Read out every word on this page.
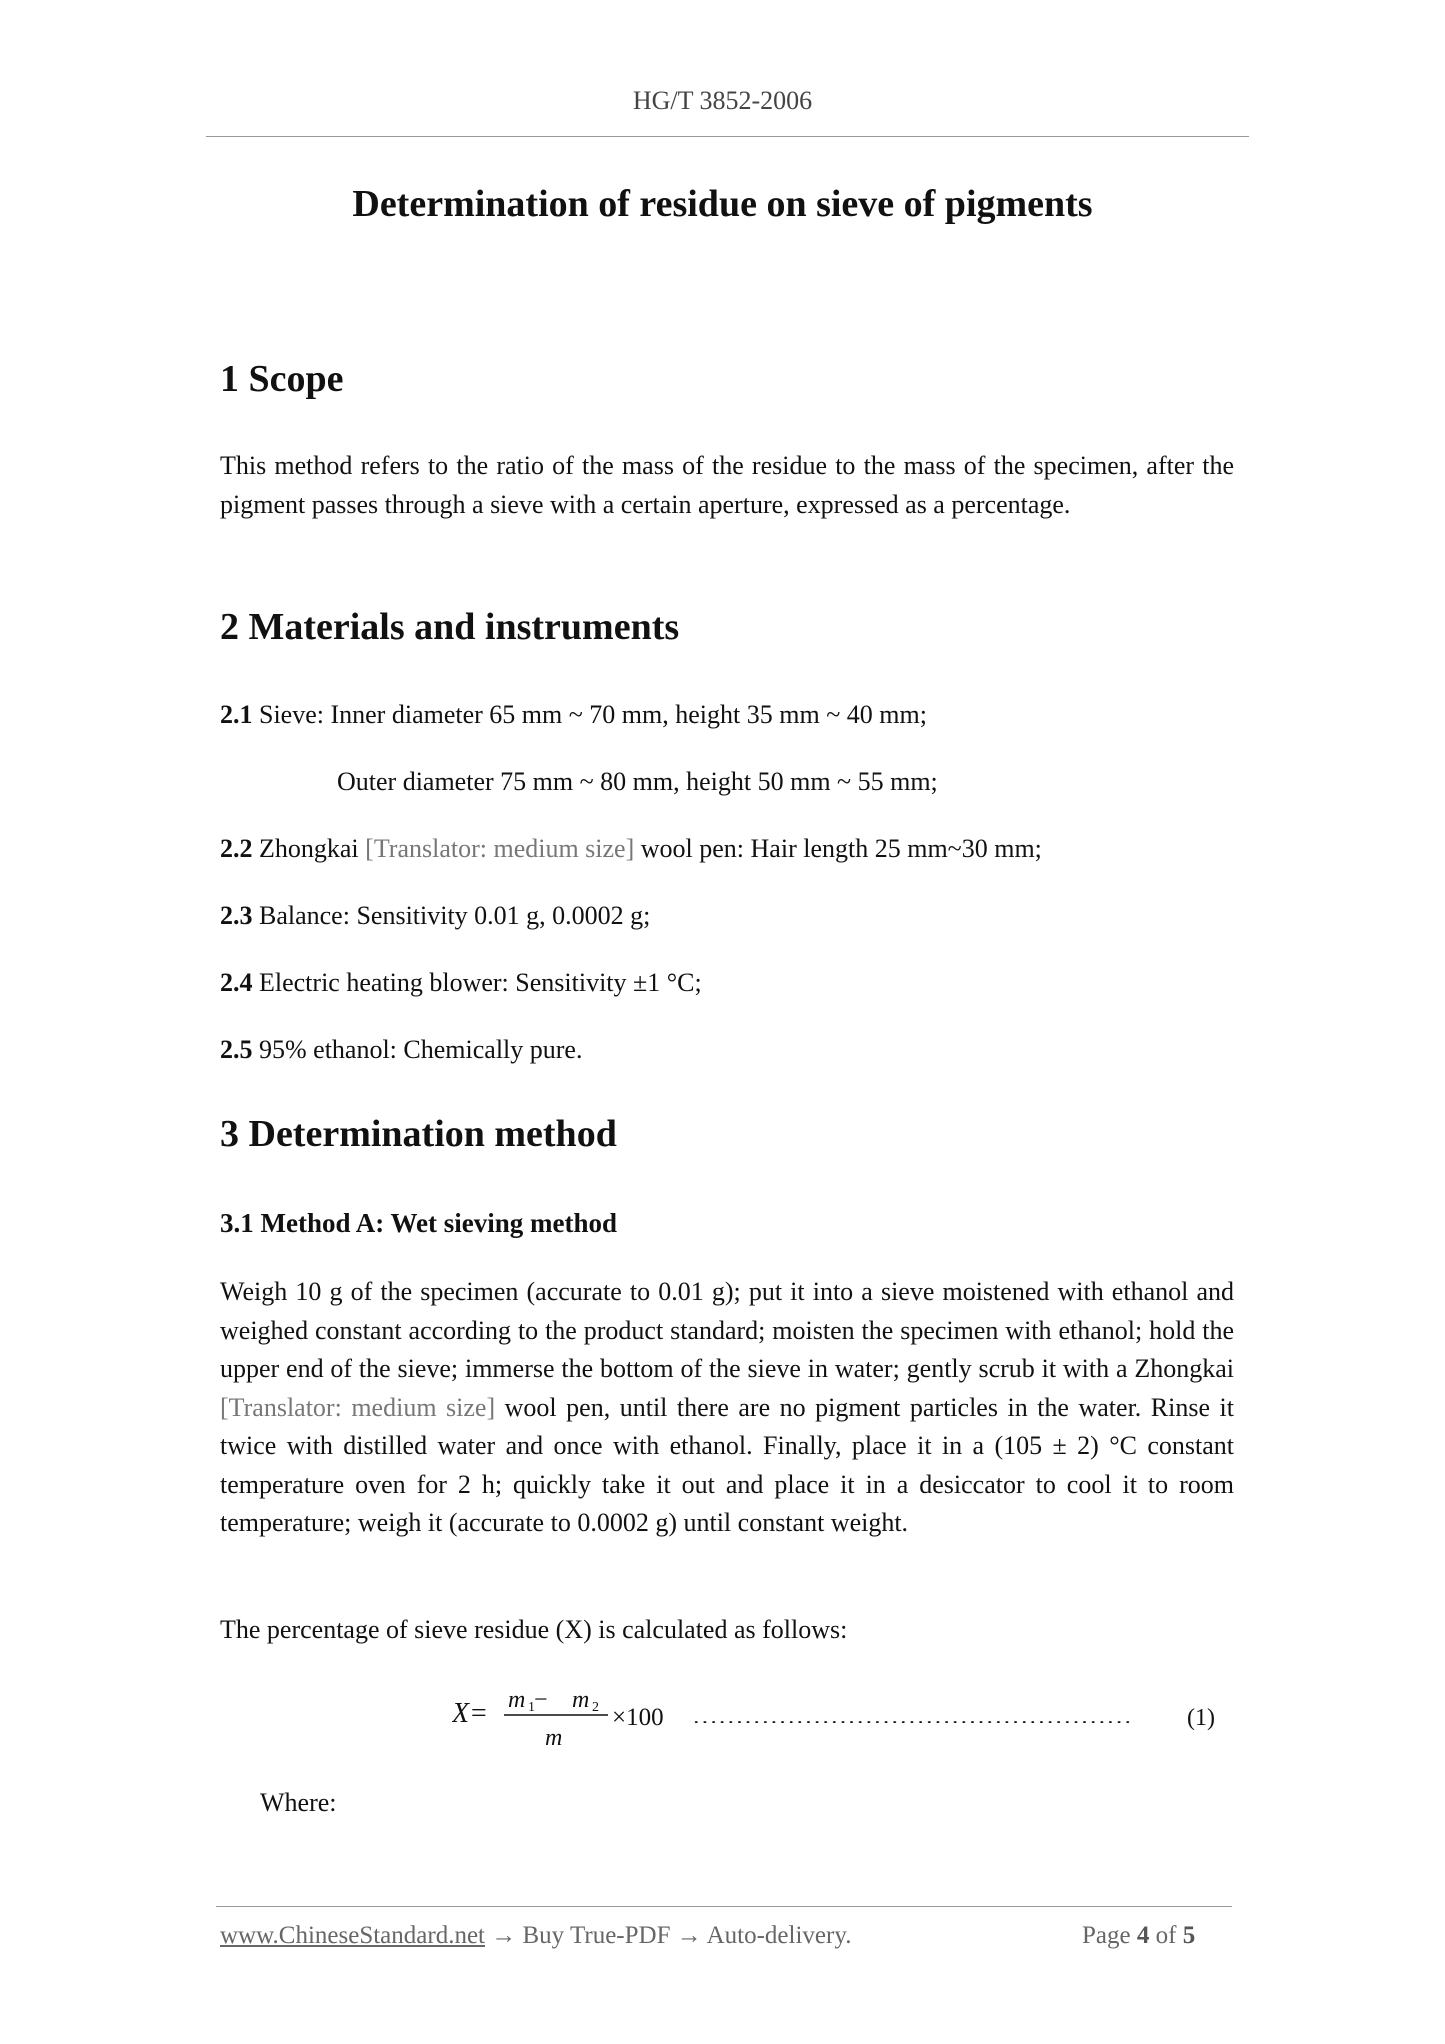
HG/T 3852-2006
Determination of residue on sieve of pigments
1 Scope

This method refers to the ratio of the mass of the residue to the mass of the specimen, after the pigment passes through a sieve with a certain aperture, expressed as a percentage.

2 Materials and instruments
2.1 Sieve: Inner diameter 65 mm ~ 70 mm, height 35 mm ~ 40 mm;
Outer diameter 75 mm ~ 80 mm, height 50 mm ~ 55 mm;
2.2 Zhongkai [Translator: medium size] wool pen: Hair length 25 mm~30 mm;
2.3 Balance: Sensitivity 0.01 g, 0.0002 g;
2.4 Electric heating blower: Sensitivity ±1 °C;
2.5 95% ethanol: Chemically pure.
3 Determination method
3.1 Method A: Wet sieving method

Weigh 10 g of the specimen (accurate to 0.01 g); put it into a sieve moistened with ethanol and weighed constant according to the product standard; moisten the specimen with ethanol; hold the upper end of the sieve; immerse the bottom of the sieve in water; gently scrub it with a Zhongkai [Translator: medium size] wool pen, until there are no pigment particles in the water. Rinse it twice with distilled water and once with ethanol. Finally, place it in a (105 ± 2) °C constant temperature oven for 2 h; quickly take it out and place it in a desiccator to cool it to room temperature; weigh it (accurate to 0.0002 g) until constant weight.

The percentage of sieve residue (X) is calculated as follows:
X= m 1 − m 2
m
×100 …………………………………………… (1)
Where:
www.ChineseStandard.net → Buy True-PDF → Auto-delivery.	Page 4 of 5
